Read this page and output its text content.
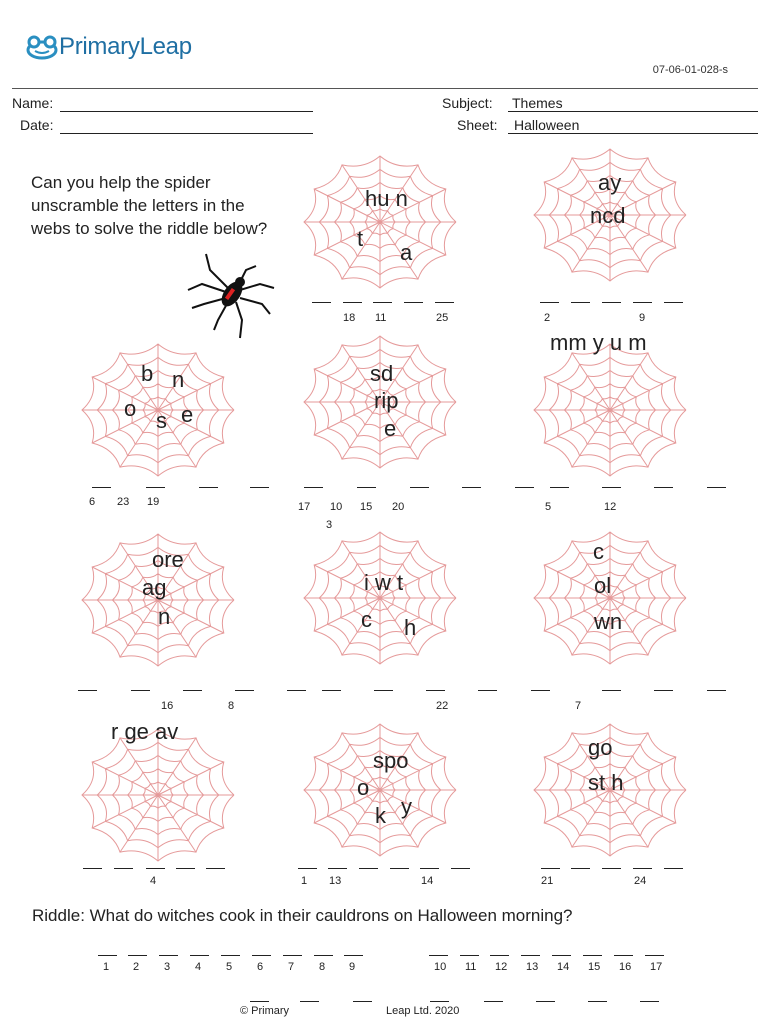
PrimaryLeap
07-06-01-028-s
Name:
Date:
Subject: Themes
Sheet: Halloween
Can you help the spider unscramble the letters in the webs to solve the riddle below?
hu n
t
a
18 11	25
ay
ncd
2	9
b n
o s e
6 23 19
sd
rip
e
17 10 15 20
3
mm y u m
5	12
ore
ag
n
16	8
i w t
c h
22
c
ol
wn
7
r ge av
4
spo
o
y
k
1 13	14
go
st h
21	24
Riddle: What do witches cook in their cauldrons on Halloween morning?
1 2 3 4 5 6 7 8 9	10 11 12 13 14 15 16 17
© Primary	Leap Ltd. 2020
